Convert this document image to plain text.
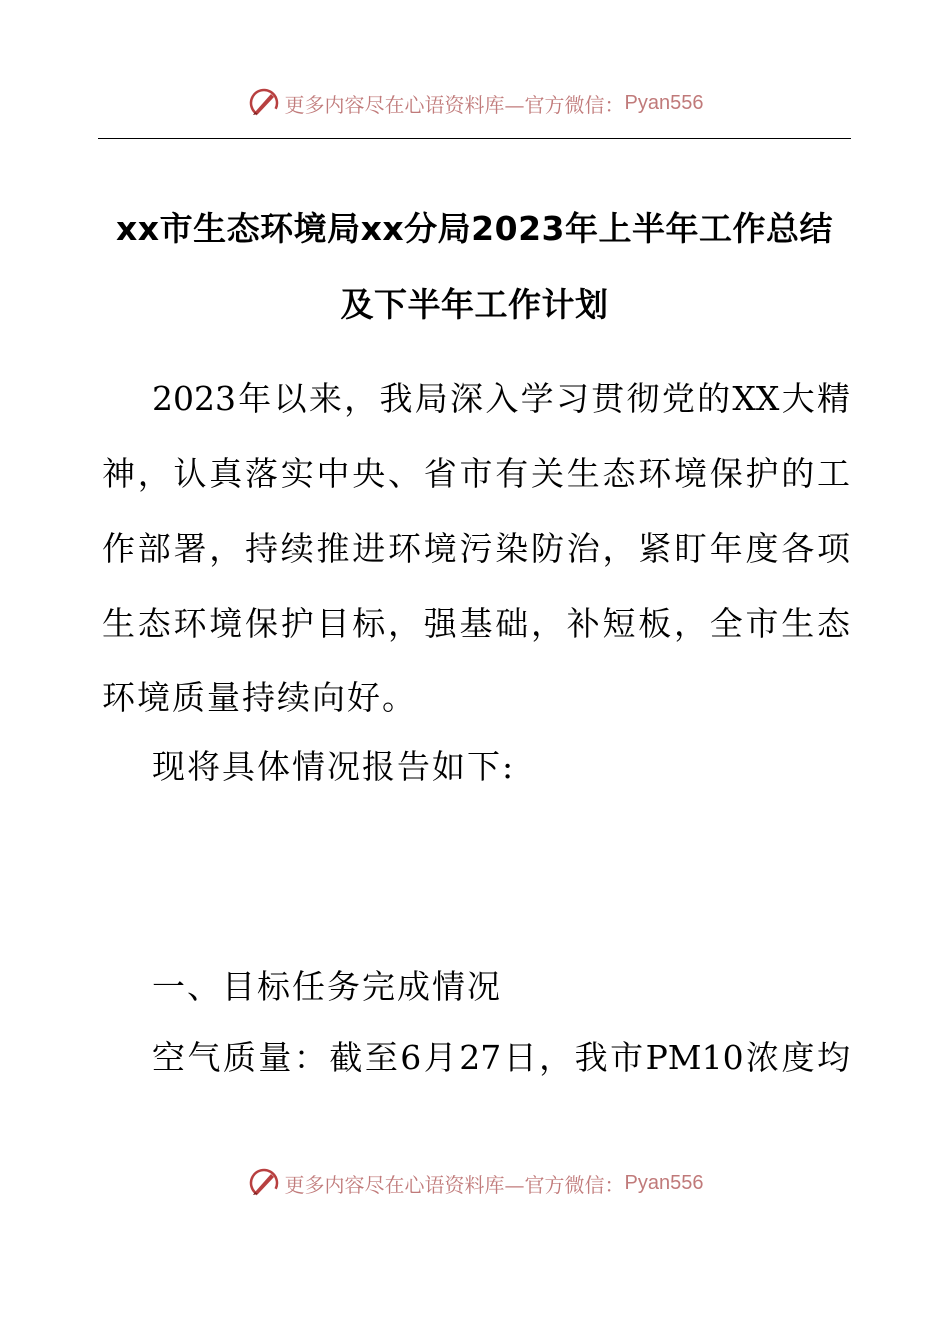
更多内容尽在心语资料库—官方微信： Pyan556
xx市生态环境局xx分局2023年上半年工作总结
及下半年工作计划
2023年以来，我局深入学习贯彻党的XX大精
神，认真落实中央、省市有关生态环境保护的工
作部署，持续推进环境污染防治，紧盯年度各项
生态环境保护目标，强基础，补短板，全市生态
环境质量持续向好。
现将具体情况报告如下:
一、目标任务完成情况
空气质量：截至6月27日，我市PM10浓度均
更多内容尽在心语资料库—官方微信： Pyan556
